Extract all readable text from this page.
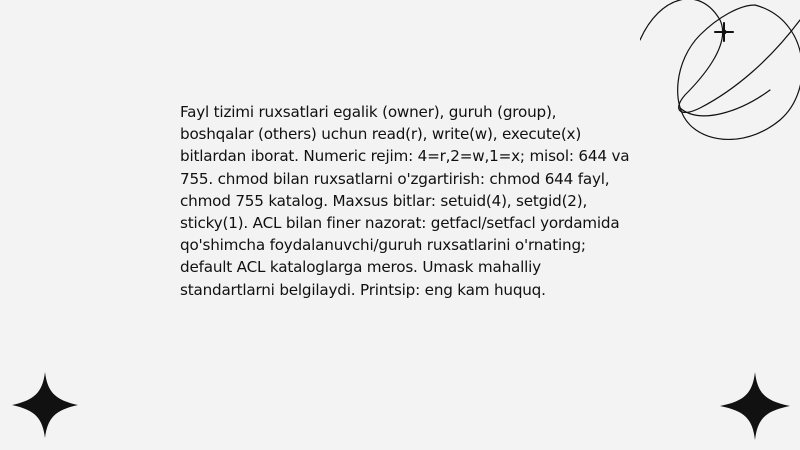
Fayl tizimi ruxsatlari egalik (owner), guruh (group), boshqalar (others) uchun read(r), write(w), execute(x) bitlardan iborat. Numeric rejim: 4=r,2=w,1=x; misol: 644 va 755. chmod bilan ruxsatlarni o'zgartirish: chmod 644 fayl, chmod 755 katalog. Maxsus bitlar: setuid(4), setgid(2), sticky(1). ACL bilan finer nazorat: getfacl/setfacl yordamida qo'shimcha foydalanuvchi/guruh ruxsatlarini o'rnating; default ACL kataloglarga meros. Umask mahalliy standartlarni belgilaydi. Printsip: eng kam huquq.
